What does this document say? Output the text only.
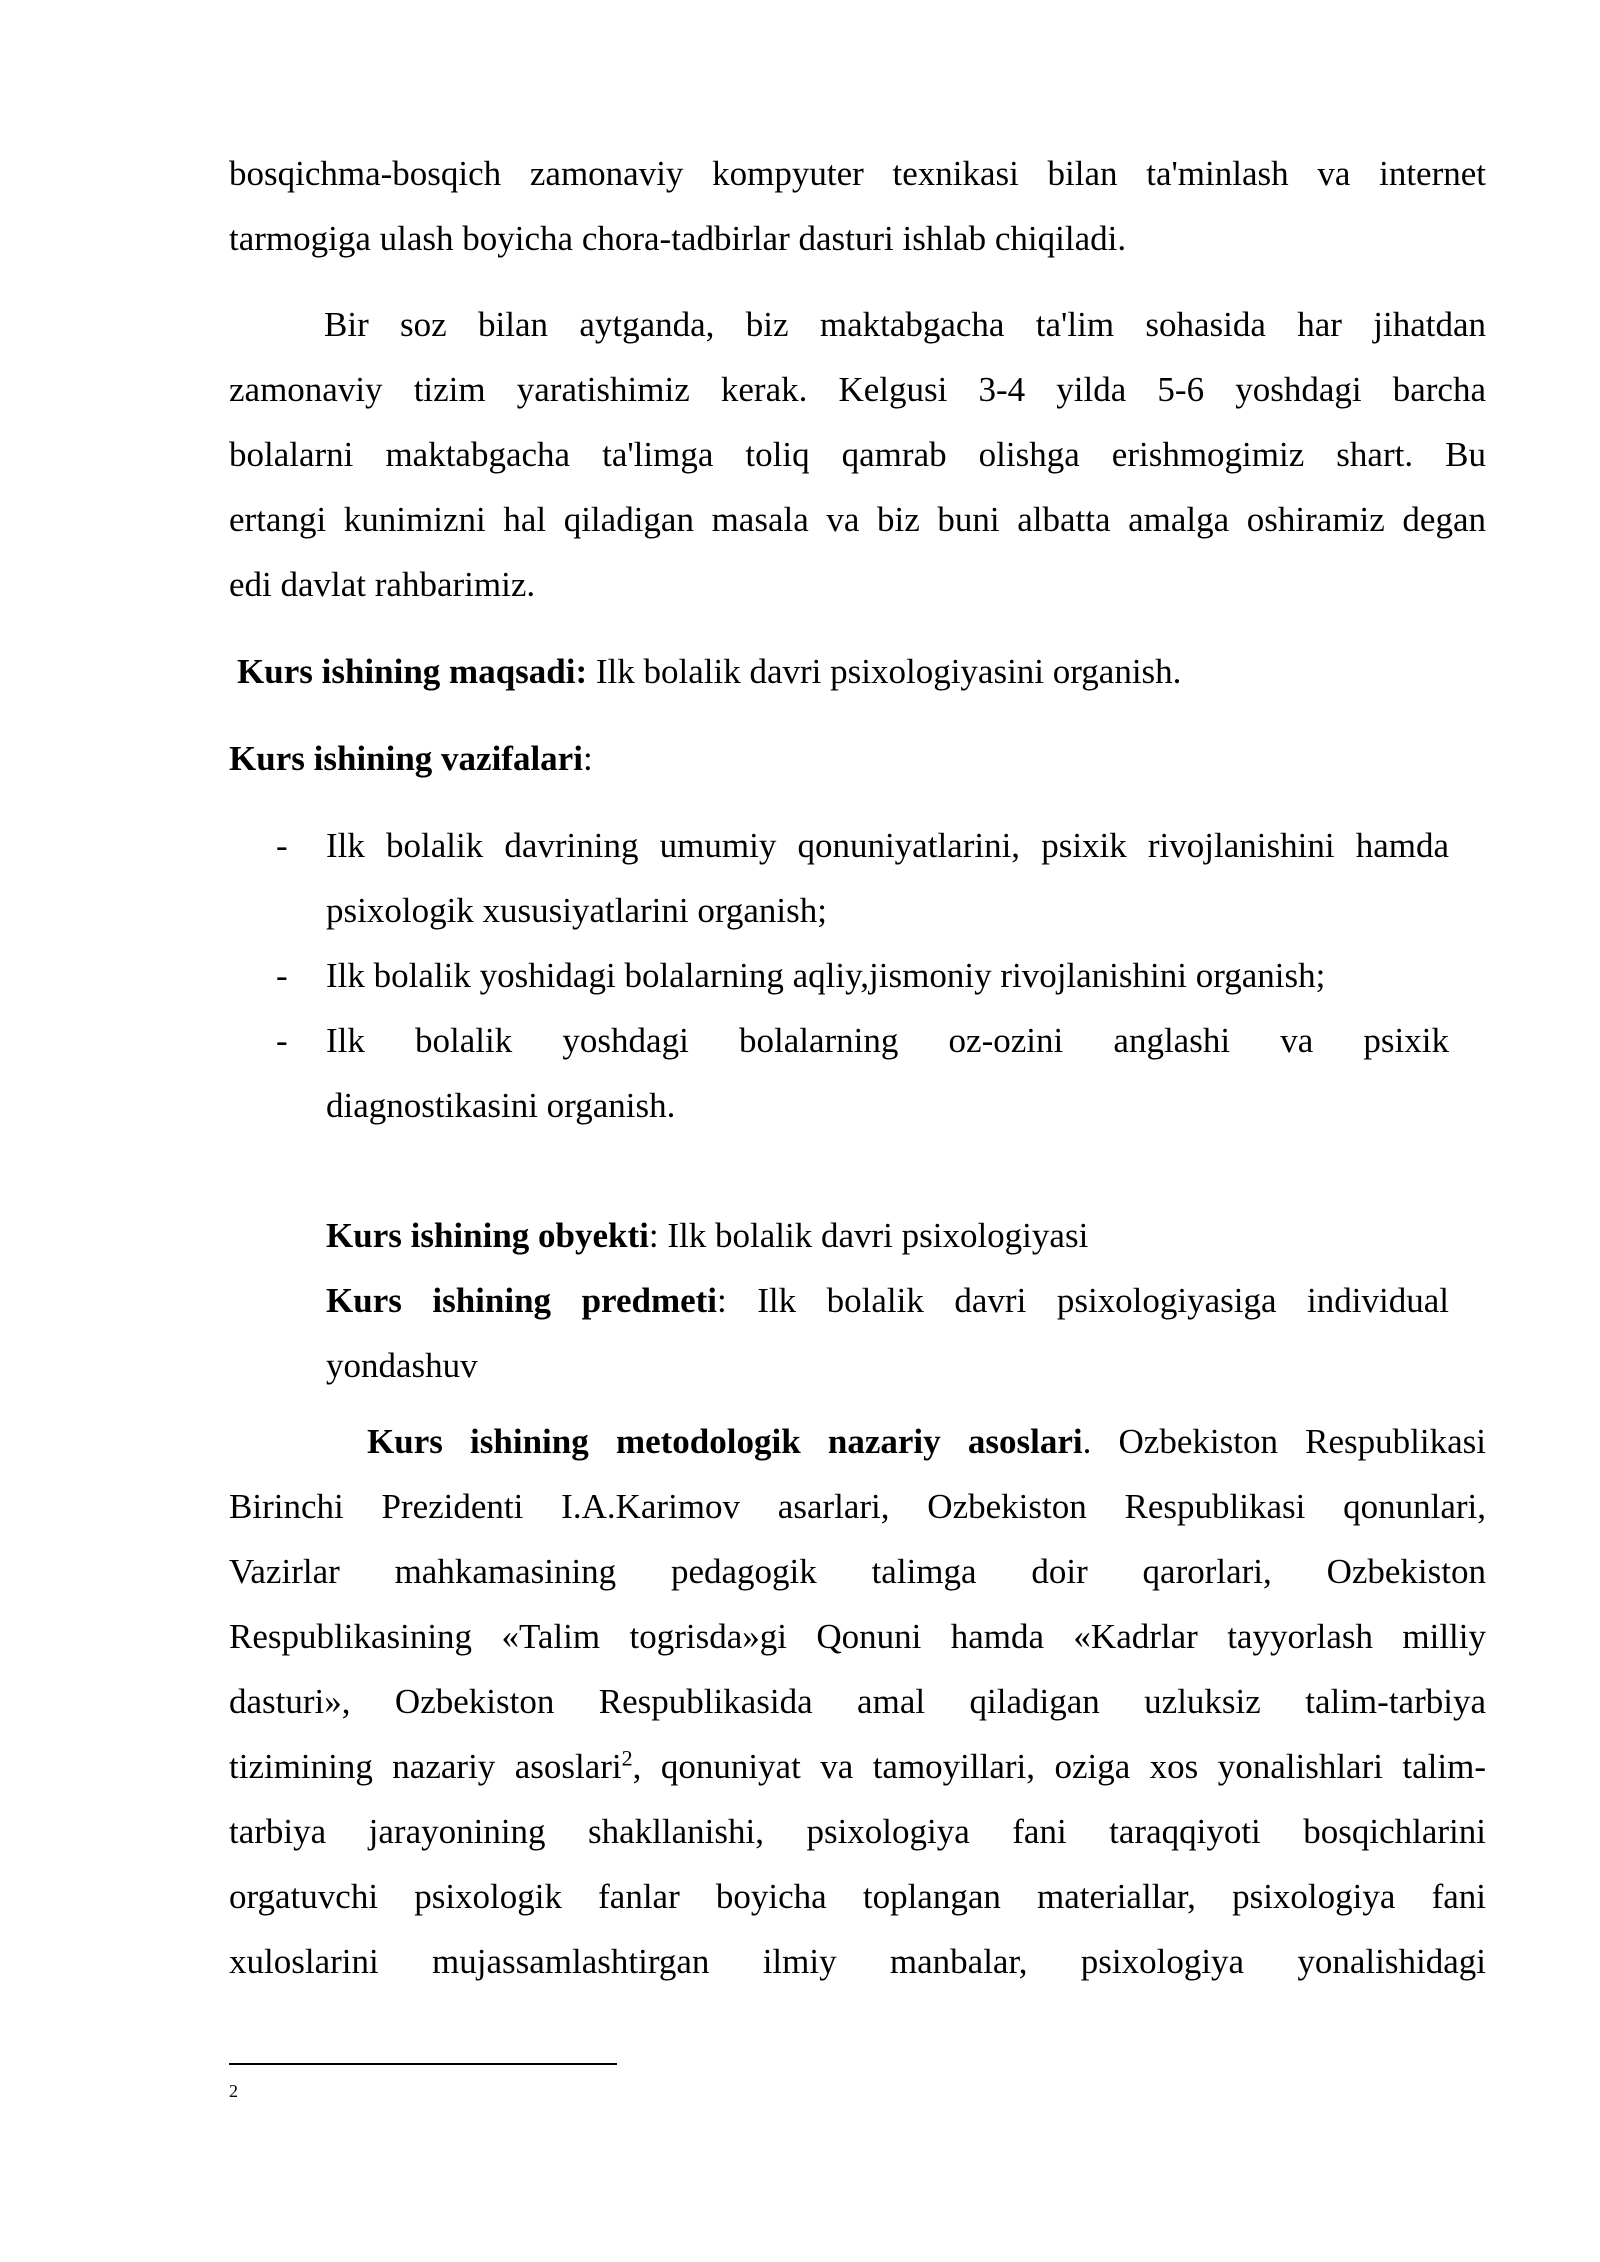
bosqichma-bosqich zamonaviy kompyuter texnikasi bilan ta'minlash va internet
tarmogiga ulash boyicha chora-tadbirlar dasturi ishlab chiqiladi.

Bir soz bilan aytganda, biz maktabgacha ta'lim sohasida har jihatdan
zamonaviy tizim yaratishimiz kerak. Kelgusi 3-4 yilda 5-6 yoshdagi barcha
bolalarni maktabgacha ta'limga toliq qamrab olishga erishmogimiz shart. Bu
ertangi kunimizni hal qiladigan masala va biz buni albatta amalga oshiramiz degan
edi davlat rahbarimiz.

Kurs ishining maqsadi: Ilk bolalik davri psixologiyasini organish.

Kurs ishining vazifalari:

- Ilk bolalik davrining umumiy qonuniyatlarini, psixik rivojlanishini hamda
psixologik xususiyatlarini organish;
- Ilk bolalik yoshidagi bolalarning aqliy,jismoniy rivojlanishini organish;
- Ilk bolalik yoshdagi bolalarning oz-ozini anglashi va psixik
diagnostikasini organish.

Kurs ishining obyekti: Ilk bolalik davri psixologiyasi

Kurs ishining predmeti: Ilk bolalik davri psixologiyasiga individual
yondashuv

Kurs ishining metodologik nazariy asoslari. Ozbekiston Respublikasi
Birinchi Prezidenti I.A.Karimov asarlari, Ozbekiston Respublikasi qonunlari,
Vazirlar mahkamasining pedagogik talimga doir qarorlari, Ozbekiston
Respublikasining «Talim togrisda»gi Qonuni hamda «Kadrlar tayyorlash milliy
dasturi», Ozbekiston Respublikasida amal qiladigan uzluksiz talim-tarbiya
tizimining nazariy asoslari$^2$, qonuniyat va tamoyillari, oziga xos yonalishlari talim-
tarbiya jarayonining shakllanishi, psixologiya fani taraqqiyoti bosqichlarini
orgatuvchi psixologik fanlar boyicha toplangan materiallar, psixologiya fani
xuloslarini mujassamlashtirgan ilmiy manbalar, psixologiya yonalishidagi

2
